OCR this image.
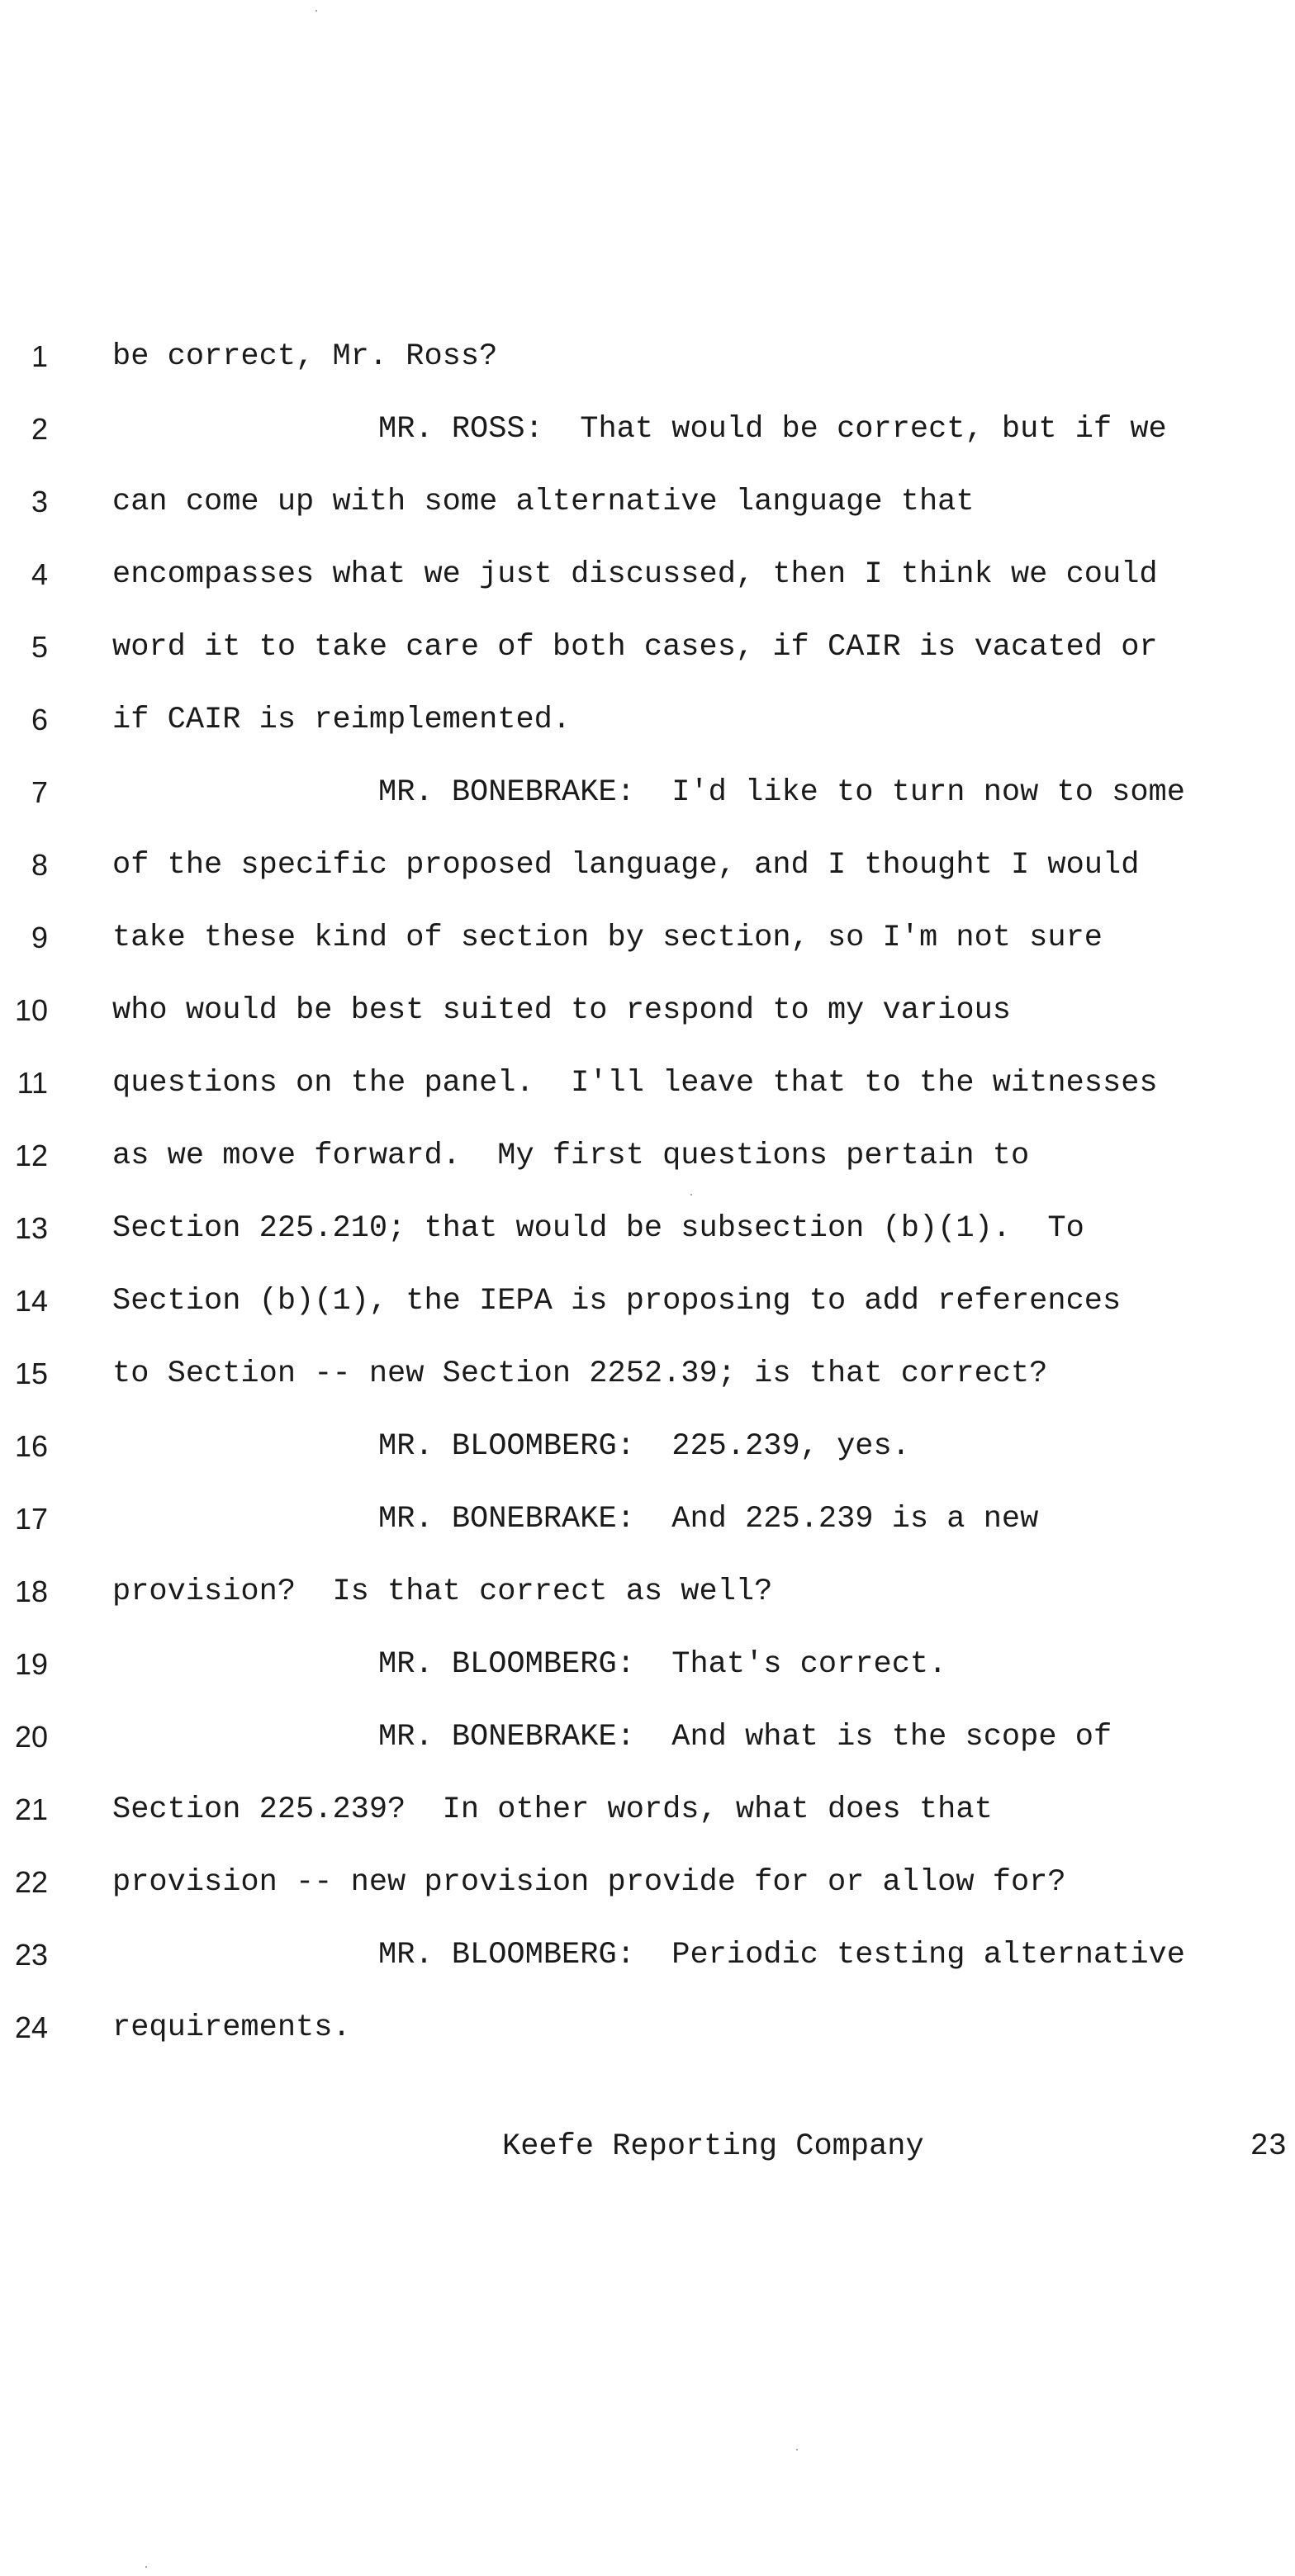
1 be correct, Mr. Ross?
2	MR. ROSS:  That would be correct, but if we
3 can come up with some alternative language that
4 encompasses what we just discussed, then I think we could
5 word it to take care of both cases, if CAIR is vacated or
6 if CAIR is reimplemented.
7	MR. BONEBRAKE:  I'd like to turn now to some
8 of the specific proposed language, and I thought I would
9 take these kind of section by section, so I'm not sure
10 who would be best suited to respond to my various
11 questions on the panel.  I'll leave that to the witnesses
12 as we move forward.  My first questions pertain to
13 Section 225.210; that would be subsection (b)(1).  To
14 Section (b)(1), the IEPA is proposing to add references
15 to Section -- new Section 2252.39; is that correct?
16	MR. BLOOMBERG:  225.239, yes.
17	MR. BONEBRAKE:  And 225.239 is a new
18 provision?  Is that correct as well?
19	MR. BLOOMBERG:  That's correct.
20	MR. BONEBRAKE:  And what is the scope of
21 Section 225.239?  In other words, what does that
22 provision -- new provision provide for or allow for?
23	MR. BLOOMBERG:  Periodic testing alternative
24 requirements.
Keefe Reporting Company	23
